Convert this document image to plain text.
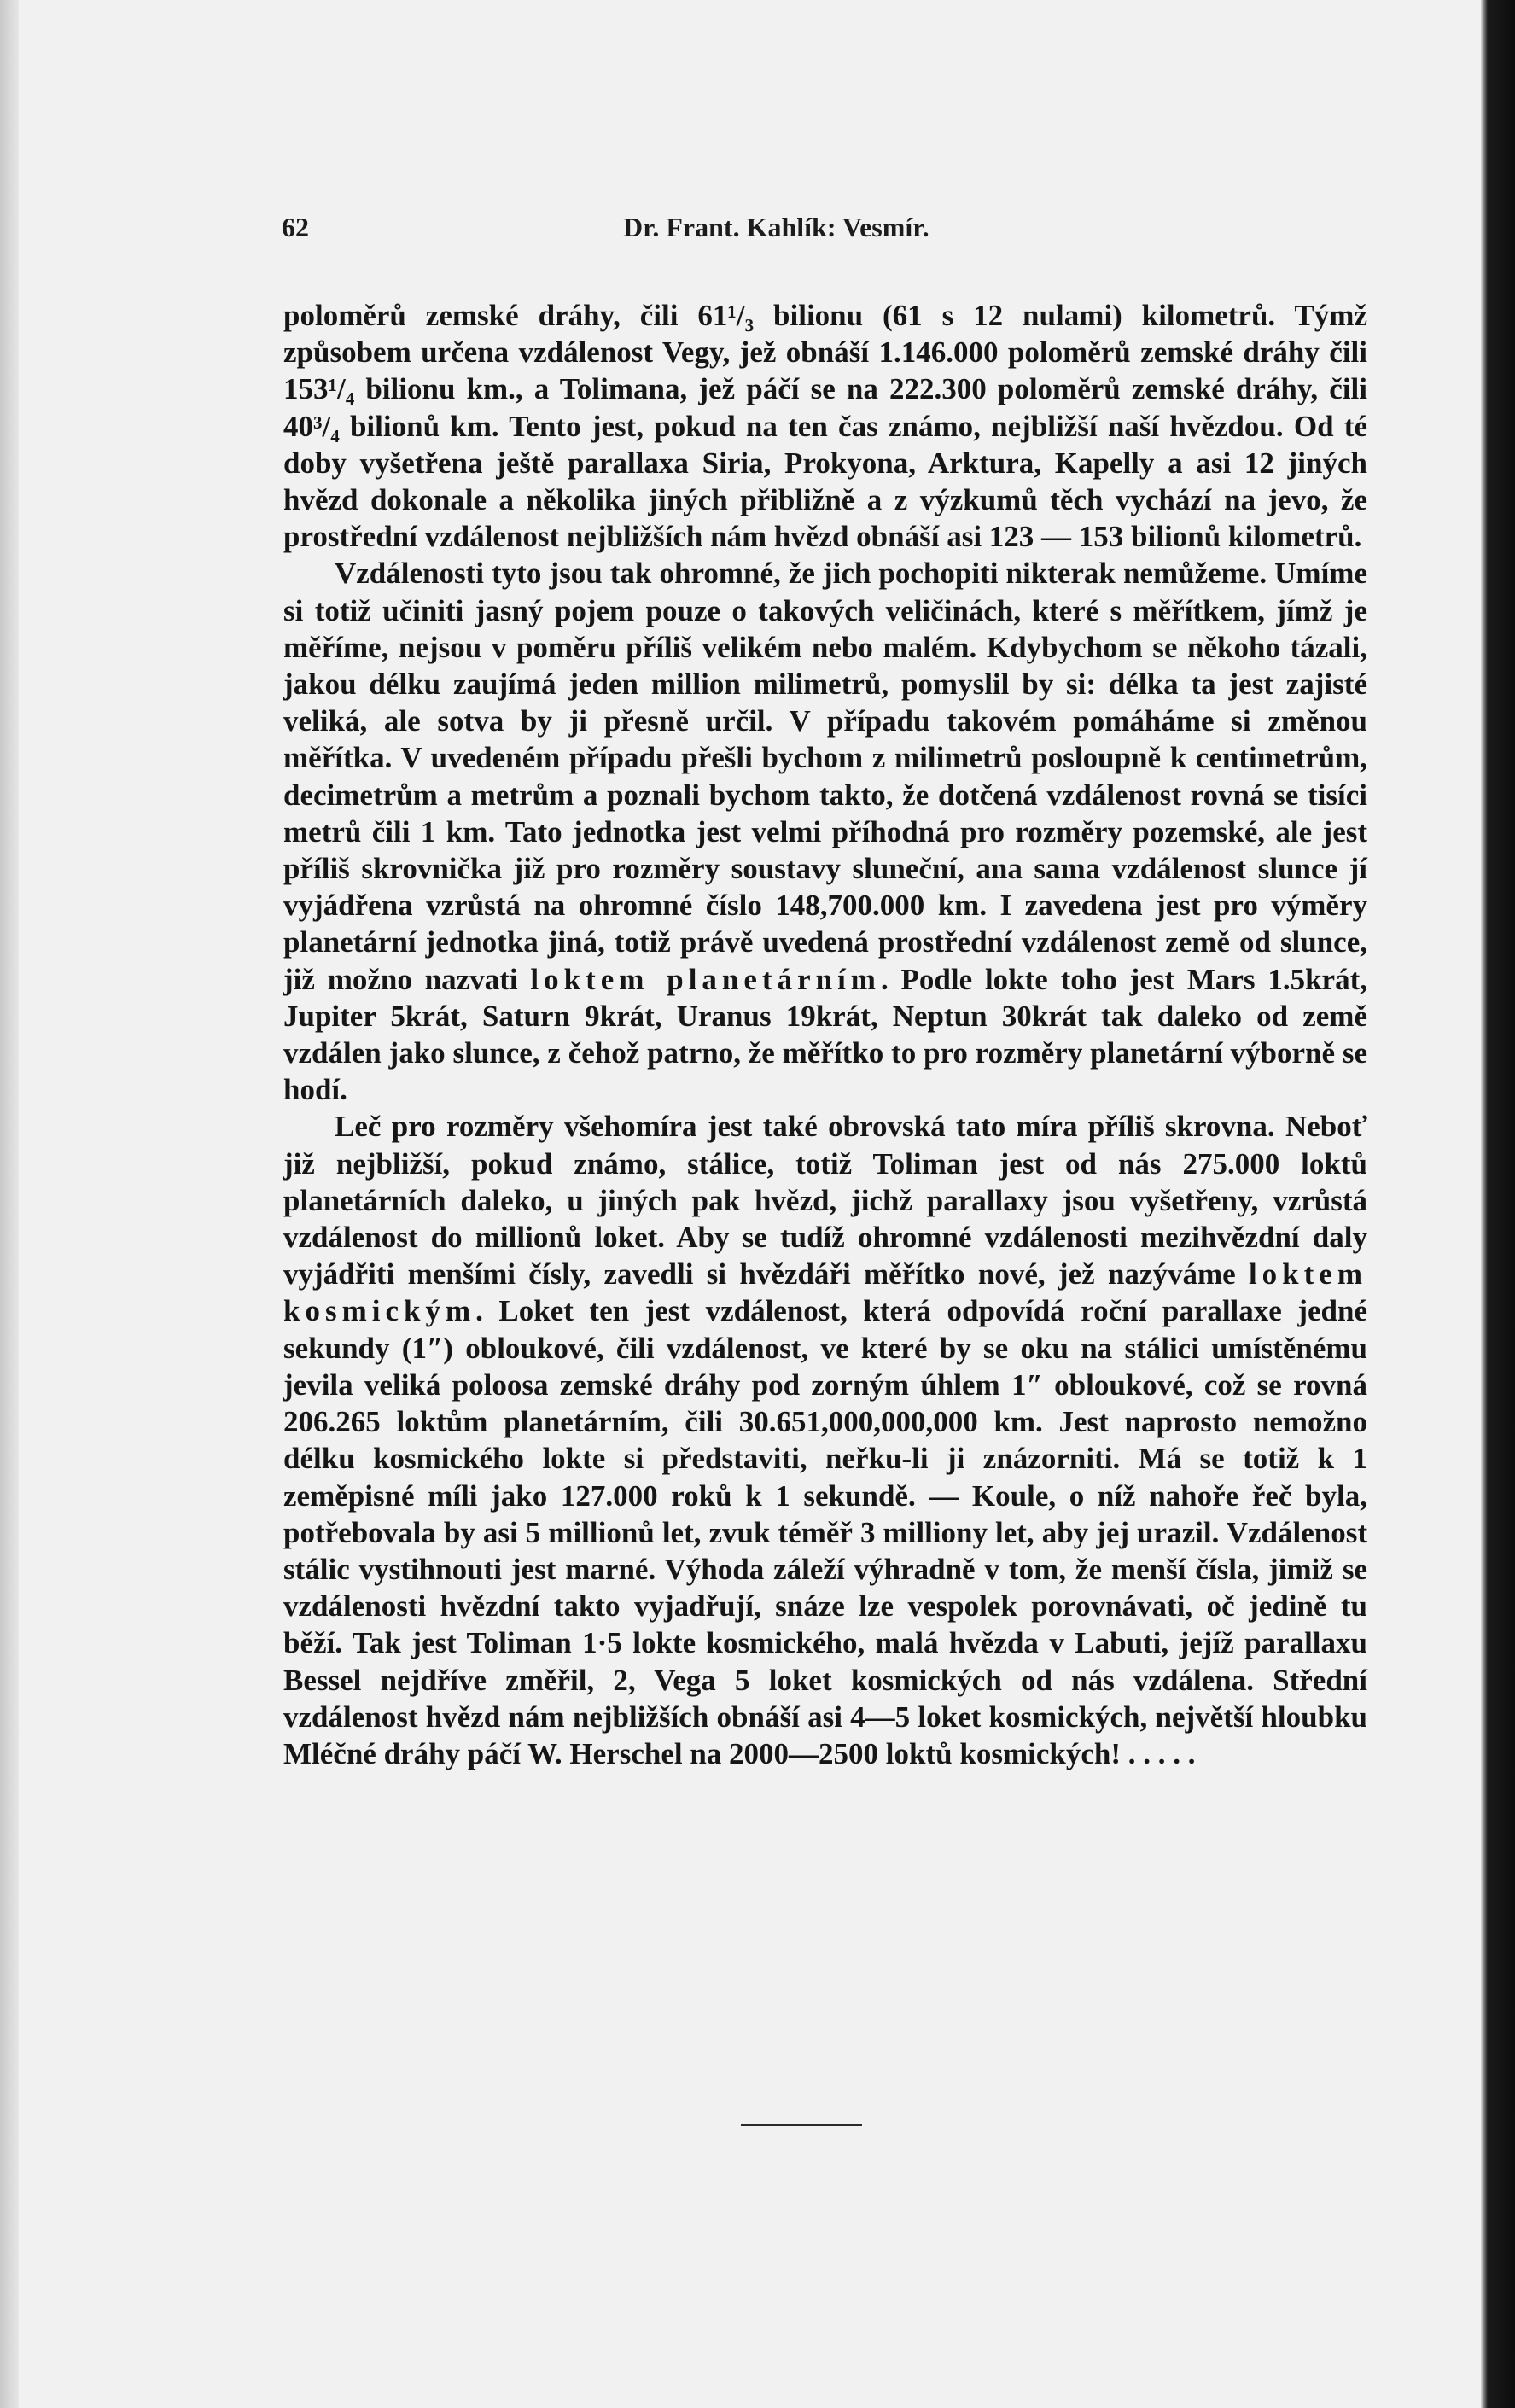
62	Dr. Frant. Kahlík: Vesmír.

poloměrů zemské dráhy, čili 61¹/₃ bilionu (61 s 12 nulami) kilometrů. Týmž způsobem určena vzdálenost Vegy, jež obnáší 1.146.000 poloměrů zemské dráhy čili 153¹/₄ bilionu km., a Tolimana, jež páčí se na 222.300 poloměrů zemské dráhy, čili 40³/₄ bilionů km. Tento jest, pokud na ten čas známo, nejbližší naší hvězdou. Od té doby vyšetřena ještě parallaxa Siria, Prokyona, Arktura, Kapelly a asi 12 jiných hvězd dokonale a několika jiných přibližně a z výzkumů těch vychází na jevo, že prostřední vzdálenost nejbližších nám hvězd obnáší asi 123 — 153 bilionů kilometrů.

Vzdálenosti tyto jsou tak ohromné, že jich pochopiti nikterak nemůžeme. Umíme si totiž učiniti jasný pojem pouze o takových veličinách, které s měřítkem, jímž je měříme, nejsou v poměru příliš velikém nebo malém. Kdybychom se někoho tázali, jakou délku zaujímá jeden million milimetrů, pomyslil by si: délka ta jest zajisté veliká, ale sotva by ji přesně určil. V případu takovém pomáháme si změnou měřítka. V uvedeném případu přešli bychom z milimetrů posloupně k centimetrům, decimetrům a metrům a poznali bychom takto, že dotčená vzdálenost rovná se tisíci metrů čili 1 km. Tato jednotka jest velmi příhodná pro rozměry pozemské, ale jest příliš skrovnička již pro rozměry soustavy sluneční, ana sama vzdálenost slunce jí vyjádřena vzrůstá na ohromné číslo 148,700.000 km. I zavedena jest pro výměry planetární jednotka jiná, totiž právě uvedená prostřední vzdálenost země od slunce, již možno nazvati loktem planetárním. Podle lokte toho jest Mars 1.5krát, Jupiter 5krát, Saturn 9krát, Uranus 19krát, Neptun 30krát tak daleko od země vzdálen jako slunce, z čehož patrno, že měřítko to pro rozměry planetární výborně se hodí.

Leč pro rozměry všehomíra jest také obrovská tato míra příliš skrovna. Neboť již nejbližší, pokud známo, stálice, totiž Toliman jest od nás 275.000 loktů planetárních daleko, u jiných pak hvězd, jichž parallaxy jsou vyšetřeny, vzrůstá vzdálenost do millionů loket. Aby se tudíž ohromné vzdálenosti mezihvězdní daly vyjádřiti menšími čísly, zavedli si hvězdáři měřítko nové, jež nazýváme loktem kosmickým. Loket ten jest vzdálenost, která odpovídá roční parallaxe jedné sekundy (1″) obloukové, čili vzdálenost, ve které by se oku na stálici umístěnému jevila veliká poloosa zemské dráhy pod zorným úhlem 1″ obloukové, což se rovná 206.265 loktům planetárním, čili 30.651,000,000,000 km. Jest naprosto nemožno délku kosmického lokte si představiti, neřku-li ji znázorniti. Má se totiž k 1 zeměpisné míli jako 127.000 roků k 1 sekundě. — Koule, o níž nahoře řeč byla, potřebovala by asi 5 millionů let, zvuk téměř 3 milliony let, aby jej urazil. Vzdálenost stálic vystihnouti jest marné. Výhoda záleží výhradně v tom, že menší čísla, jimiž se vzdálenosti hvězdní takto vyjadřují, snáze lze vespolek porovnávati, oč jedině tu běží. Tak jest Toliman 1·5 lokte kosmického, malá hvězda v Labuti, jejíž parallaxu Bessel nejdříve změřil, 2, Vega 5 loket kosmických od nás vzdálena. Střední vzdálenost hvězd nám nejbližších obnáší asi 4—5 loket kosmických, největší hloubku Mléčné dráhy páčí W. Herschel na 2000—2500 loktů kosmických! . . . . .
